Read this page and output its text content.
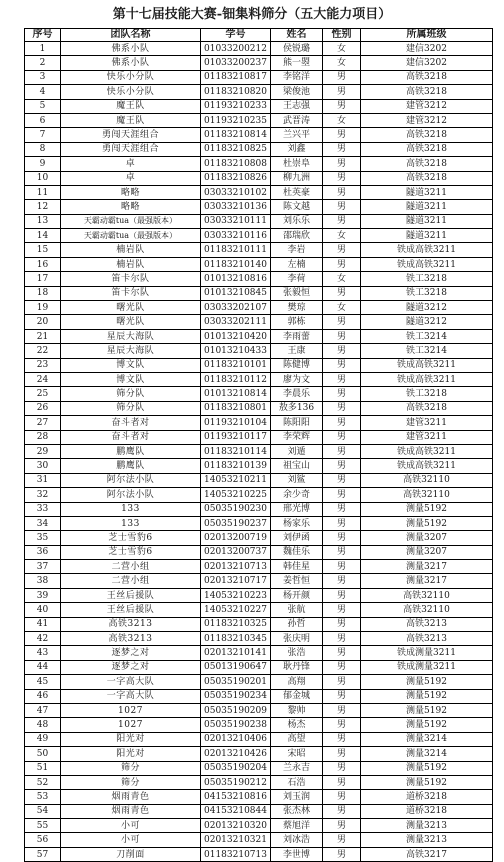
第十七届技能大赛-钿集料筛分（五大能力项目）
序号	团队名称	学号	姓名	性别	所属班级
1	佛系小队	01033200212	侯锐璐	女	建信3202
2	佛系小队	01033200237	熊一曌	女	建信3202
3	快乐小分队	01183210817	李铭洋	男	高铁3218
4	快乐小分队	01183210820	梁俊池	男	高铁3218
5	魔王队	01193210233	王志强	男	建管3212
6	魔王队	01193210235	武晋涛	女	建管3212
7	勇闯天涯组合	01183210814	兰兴平	男	高铁3218
8	勇闯天涯组合	01183210825	刘鑫	男	高铁3218
9	卓	01183210808	杜崇阜	男	高铁3218
10	卓	01183210826	柳九洲	男	高铁3218
11	略略	03033210102	杜英豪	男	隧道3211
12	略略	03033210136	陈文越	男	隧道3211
13	天霸动霸tua（最强版本）	03033210111	刘乐乐	男	隧道3211
14	天霸动霸tua（最强版本）	03033210116	邵瑞欣	女	隧道3211
15	楠岩队	01183210111	李岩	男	铁成高铁3211
16	楠岩队	01183210140	左楠	男	铁成高铁3211
17	笛卡尔队	01013210816	李荷	女	铁工3218
18	笛卡尔队	01013210845	张毅恒	男	铁工3218
19	曙光队	03033202107	樊琼	女	隧道3212
20	曙光队	03033202111	郭栋	男	隧道3212
21	星辰大海队	01013210420	李雨蕾	男	铁工3214
22	星辰大海队	01013210433	王康	男	铁工3214
23	博文队	01183210101	陈健博	男	铁成高铁3211
24	博文队	01183210112	廖为文	男	铁成高铁3211
25	筛分队	01013210814	李晨乐	男	铁工3218
26	筛分队	01183210801	敖多136	男	高铁3218
27	奋斗者对	01193210104	陈阳阳	男	建管3211
28	奋斗者对	01193210117	李荣辉	男	建管3211
29	鹏鹰队	01183210114	刘遁	男	铁成高铁3211
30	鹏鹰队	01183210139	祖宝山	男	铁成高铁3211
31	阿尔法小队	14053210211	刘鲨	男	高铁32110
32	阿尔法小队	14053210225	余少奇	男	高铁32110
33	133	05035190230	邢光博	男	测量5192
34	133	05035190237	杨家乐	男	测量5192
35	芝士雪豹6	02013200719	刘伊函	男	测量3207
36	芝士雪豹6	02013200737	魏佳乐	男	测量3207
37	二营小组	02013210713	韩佳星	男	测量3217
38	二营小组	02013210717	姜哲恒	男	测量3217
39	王丝后援队	14053210223	杨开颜	男	高铁32110
40	王丝后援队	14053210227	张航	男	高铁32110
41	高铁3213	01183210325	孙哲	男	高铁3213
42	高铁3213	01183210345	张庆明	男	高铁3213
43	逐梦之对	02013210141	张浩	男	铁成测量3211
44	逐梦之对	05013190647	耿丹锋	男	铁成测量3211
45	一字高大队	05035190201	高翔	男	测量5192
46	一字高大队	05035190234	郁金城	男	测量5192
47	1027	05035190209	黎帅	男	测量5192
48	1027	05035190238	杨杰	男	测量5192
49	阳光对	02013210406	高望	男	测量3214
50	阳光对	02013210426	宋昭	男	测量3214
51	筛分	05035190204	兰永吉	男	测量5192
52	筛分	05035190212	石浩	男	测量5192
53	烟雨青色	04153210816	刘玉润	男	道桥3218
54	烟雨青色	04153210844	张杰林	男	道桥3218
55	小可	02013210320	蔡旭洋	男	测量3213
56	小可	02013210321	刘冰浩	男	测量3213
57	刀削面	01183210713	李世博	男	高铁3217
